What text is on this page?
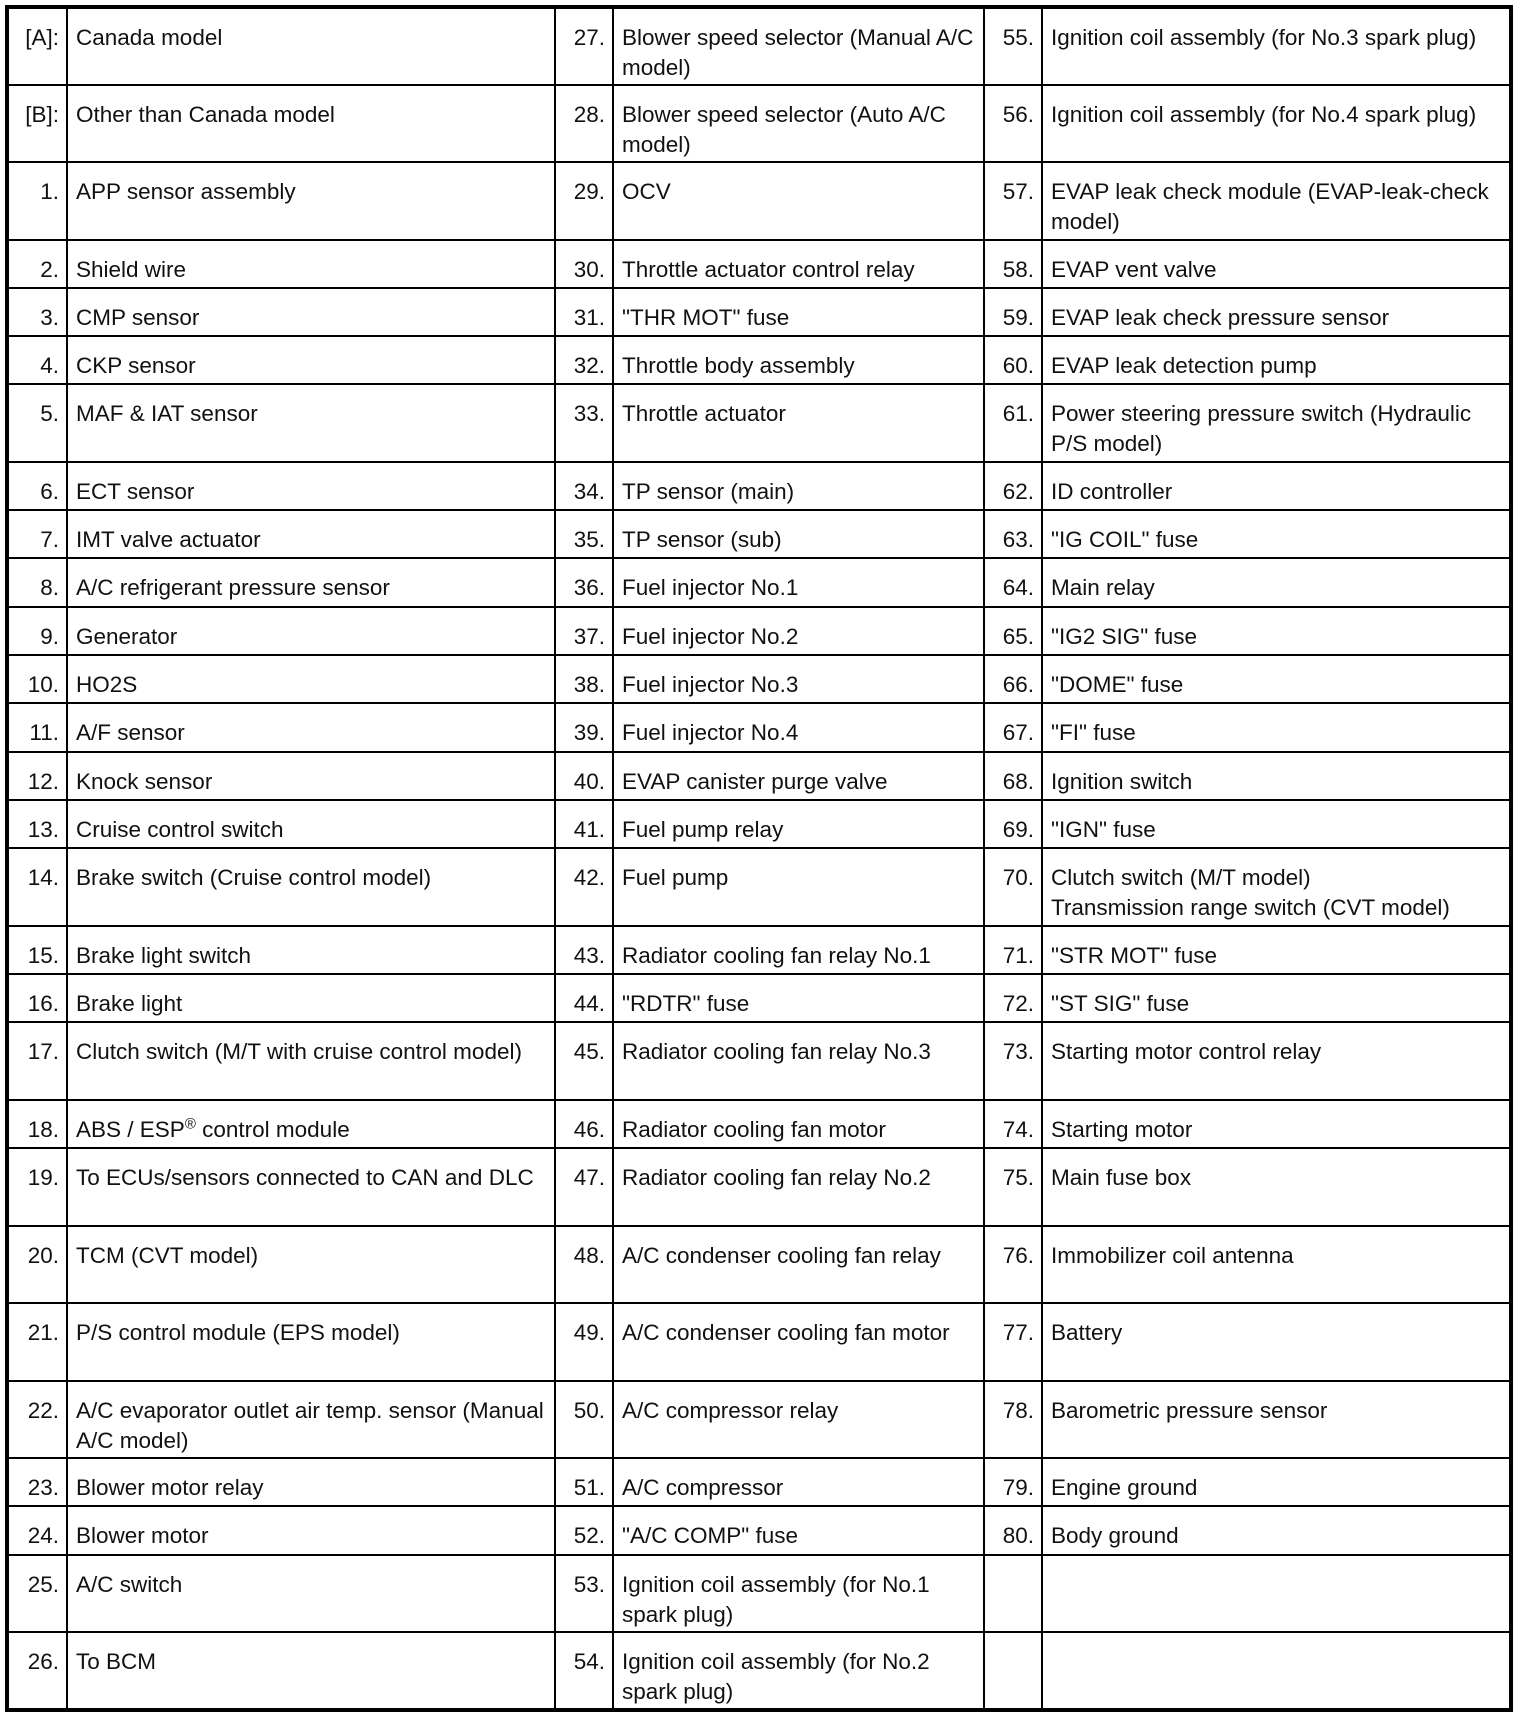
[A]:	Canada model	27.	Blower speed selector (Manual A/C model)	55.	Ignition coil assembly (for No.3 spark plug)
[B]:	Other than Canada model	28.	Blower speed selector (Auto A/C model)	56.	Ignition coil assembly (for No.4 spark plug)
1.	APP sensor assembly	29.	OCV	57.	EVAP leak check module (EVAP-leak-check model)
2.	Shield wire	30.	Throttle actuator control relay	58.	EVAP vent valve
3.	CMP sensor	31.	"THR MOT" fuse	59.	EVAP leak check pressure sensor
4.	CKP sensor	32.	Throttle body assembly	60.	EVAP leak detection pump
5.	MAF & IAT sensor	33.	Throttle actuator	61.	Power steering pressure switch (Hydraulic P/S model)
6.	ECT sensor	34.	TP sensor (main)	62.	ID controller
7.	IMT valve actuator	35.	TP sensor (sub)	63.	"IG COIL" fuse
8.	A/C refrigerant pressure sensor	36.	Fuel injector No.1	64.	Main relay
9.	Generator	37.	Fuel injector No.2	65.	"IG2 SIG" fuse
10.	HO2S	38.	Fuel injector No.3	66.	"DOME" fuse
11.	A/F sensor	39.	Fuel injector No.4	67.	"FI" fuse
12.	Knock sensor	40.	EVAP canister purge valve	68.	Ignition switch
13.	Cruise control switch	41.	Fuel pump relay	69.	"IGN" fuse
14.	Brake switch (Cruise control model)	42.	Fuel pump	70.	Clutch switch (M/T model)
Transmission range switch (CVT model)
15.	Brake light switch	43.	Radiator cooling fan relay No.1	71.	"STR MOT" fuse
16.	Brake light	44.	"RDTR" fuse	72.	"ST SIG" fuse
17.	Clutch switch (M/T with cruise control model)	45.	Radiator cooling fan relay No.3	73.	Starting motor control relay
18.	ABS / ESP® control module	46.	Radiator cooling fan motor	74.	Starting motor
19.	To ECUs/sensors connected to CAN and DLC	47.	Radiator cooling fan relay No.2	75.	Main fuse box
20.	TCM (CVT model)	48.	A/C condenser cooling fan relay	76.	Immobilizer coil antenna
21.	P/S control module (EPS model)	49.	A/C condenser cooling fan motor	77.	Battery
22.	A/C evaporator outlet air temp. sensor (Manual A/C model)	50.	A/C compressor relay	78.	Barometric pressure sensor
23.	Blower motor relay	51.	A/C compressor	79.	Engine ground
24.	Blower motor	52.	"A/C COMP" fuse	80.	Body ground
25.	A/C switch	53.	Ignition coil assembly (for No.1 spark plug)		
26.	To BCM	54.	Ignition coil assembly (for No.2 spark plug)		
